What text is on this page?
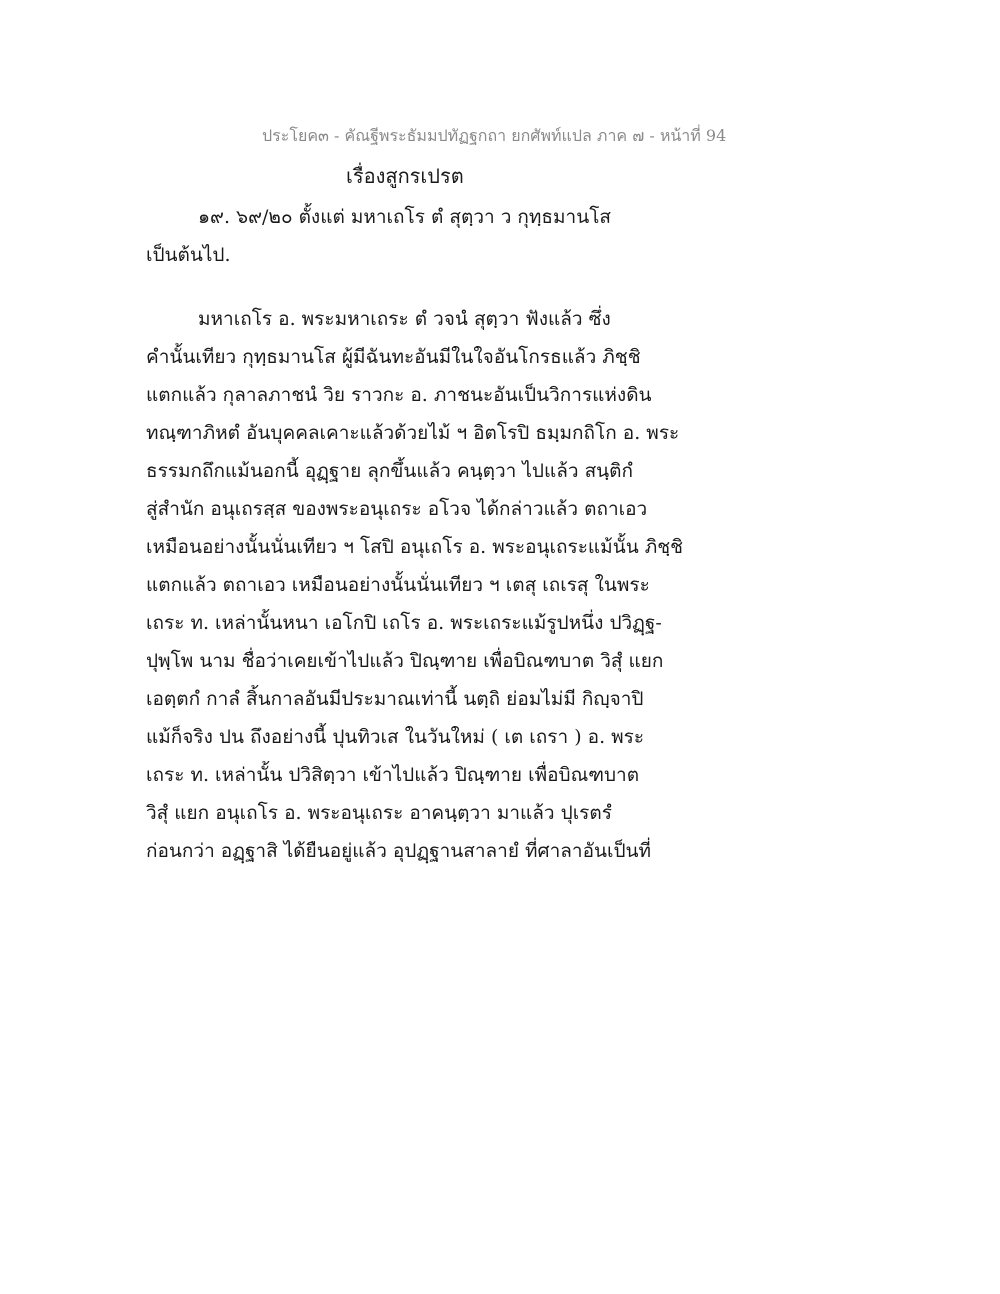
ประโยค๓ - คัณฐีพระธัมมปทัฏฐกถา ยกศัพท์แปล ภาค ๗ - หน้าที่ 94
เรื่องสูกรเปรต
๑๙. ๖๙/๒๐ ตั้งแต่ มหาเถโร ตํ สุตฺวา ว กุทฺธมานโส
เป็นต้นไป.
มหาเถโร อ. พระมหาเถระ ตํ วจนํ สุตฺวา ฟังแล้ว ซึ่ง
คำนั้นเทียว กุทฺธมานโส ผู้มีฉันทะอันมีในใจอันโกรธแล้ว ภิชฺชิ
แตกแล้ว กุลาลภาชนํ วิย ราวกะ อ. ภาชนะอันเป็นวิการแห่งดิน
ทณฺฑาภิหตํ อันบุคคลเคาะแล้วด้วยไม้ ฯ อิตโรปิ ธมฺมกถิโก อ. พระ
ธรรมกถึกแม้นอกนี้ อุฏฺฐาย ลุกขึ้นแล้ว คนฺตฺวา ไปแล้ว สนฺติกํ
สู่สำนัก อนุเถรสฺส ของพระอนุเถระ อโวจ ได้กล่าวแล้ว ตถาเอว
เหมือนอย่างนั้นนั่นเทียว ฯ โสปิ อนุเถโร อ. พระอนุเถระแม้นั้น ภิชฺชิ
แตกแล้ว ตถาเอว เหมือนอย่างนั้นนั่นเทียว ฯ เตสุ เถเรสุ ในพระ
เถระ ท. เหล่านั้นหนา เอโกปิ เถโร อ. พระเถระแม้รูปหนึ่ง ปวิฏฺฐ-
ปุพฺโพ นาม ชื่อว่าเคยเข้าไปแล้ว ปิณฺฑาย เพื่อบิณฑบาต วิสุํ แยก
เอตฺตกํ กาลํ สิ้นกาลอันมีประมาณเท่านี้ นตฺถิ ย่อมไม่มี กิญฺจาปิ
แม้ก็จริง ปน ถึงอย่างนี้ ปุนทิวเส ในวันใหม่ ( เต เถรา ) อ. พระ
เถระ ท. เหล่านั้น ปวิสิตฺวา เข้าไปแล้ว ปิณฺฑาย เพื่อบิณฑบาต
วิสุํ แยก อนุเถโร อ. พระอนุเถระ อาคนฺตฺวา มาแล้ว ปุเรตรํ
ก่อนกว่า อฏฺฐาสิ ได้ยืนอยู่แล้ว อุปฏฺฐานสาลายํ ที่ศาลาอันเป็นที่
